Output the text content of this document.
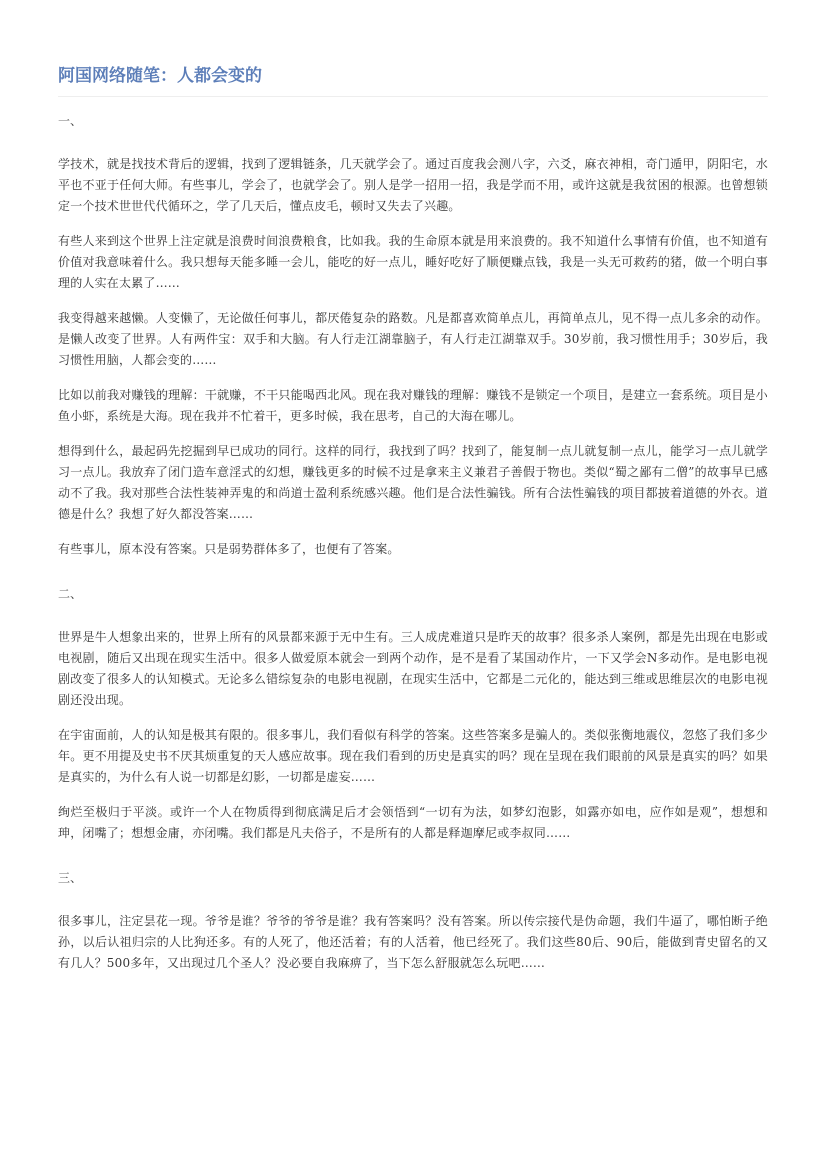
阿国网络随笔：人都会变的

一、

学技术，就是找技术背后的逻辑，找到了逻辑链条，几天就学会了。通过百度我会测八字，六爻，麻衣神相，奇门遁甲，阴阳宅，水平也不亚于任何大师。有些事儿，学会了，也就学会了。别人是学一招用一招，我是学而不用，或许这就是我贫困的根源。也曾想锁定一个技术世世代代循环之，学了几天后，懂点皮毛，顿时又失去了兴趣。

有些人来到这个世界上注定就是浪费时间浪费粮食，比如我。我的生命原本就是用来浪费的。我不知道什么事情有价值，也不知道有价值对我意味着什么。我只想每天能多睡一会儿，能吃的好一点儿，睡好吃好了顺便赚点钱，我是一头无可救药的猪，做一个明白事理的人实在太累了……

我变得越来越懒。人变懒了，无论做任何事儿，都厌倦复杂的路数。凡是都喜欢简单点儿，再简单点儿，见不得一点儿多余的动作。是懒人改变了世界。人有两件宝：双手和大脑。有人行走江湖靠脑子，有人行走江湖靠双手。30岁前，我习惯性用手；30岁后，我习惯性用脑，人都会变的……

比如以前我对赚钱的理解：干就赚，不干只能喝西北风。现在我对赚钱的理解：赚钱不是锁定一个项目，是建立一套系统。项目是小鱼小虾，系统是大海。现在我并不忙着干，更多时候，我在思考，自己的大海在哪儿。

想得到什么，最起码先挖掘到早已成功的同行。这样的同行，我找到了吗？找到了，能复制一点儿就复制一点儿，能学习一点儿就学习一点儿。我放弃了闭门造车意淫式的幻想，赚钱更多的时候不过是拿来主义兼君子善假于物也。类似“蜀之鄙有二僧”的故事早已感动不了我。我对那些合法性装神弄鬼的和尚道士盈利系统感兴趣。他们是合法性骗钱。所有合法性骗钱的项目都披着道德的外衣。道德是什么？我想了好久都没答案……

有些事儿，原本没有答案。只是弱势群体多了，也便有了答案。

二、

世界是牛人想象出来的，世界上所有的风景都来源于无中生有。三人成虎难道只是昨天的故事？很多杀人案例，都是先出现在电影或电视剧，随后又出现在现实生活中。很多人做爱原本就会一到两个动作，是不是看了某国动作片，一下又学会N多动作。是电影电视剧改变了很多人的认知模式。无论多么错综复杂的电影电视剧，在现实生活中，它都是二元化的，能达到三维或思维层次的电影电视剧还没出现。

在宇宙面前，人的认知是极其有限的。很多事儿，我们看似有科学的答案。这些答案多是骗人的。类似张衡地震仪，忽悠了我们多少年。更不用提及史书不厌其烦重复的天人感应故事。现在我们看到的历史是真实的吗？现在呈现在我们眼前的风景是真实的吗？如果是真实的，为什么有人说一切都是幻影，一切都是虚妄……

绚烂至极归于平淡。或许一个人在物质得到彻底满足后才会领悟到“一切有为法，如梦幻泡影，如露亦如电，应作如是观”，想想和珅，闭嘴了；想想金庸，亦闭嘴。我们都是凡夫俗子，不是所有的人都是释迦摩尼或李叔同……

三、

很多事儿，注定昙花一现。爷爷是谁？爷爷的爷爷是谁？我有答案吗？没有答案。所以传宗接代是伪命题，我们牛逼了，哪怕断子绝孙，以后认祖归宗的人比狗还多。有的人死了，他还活着；有的人活着，他已经死了。我们这些80后、90后，能做到青史留名的又有几人？500多年，又出现过几个圣人？没必要自我麻痹了，当下怎么舒服就怎么玩吧……
